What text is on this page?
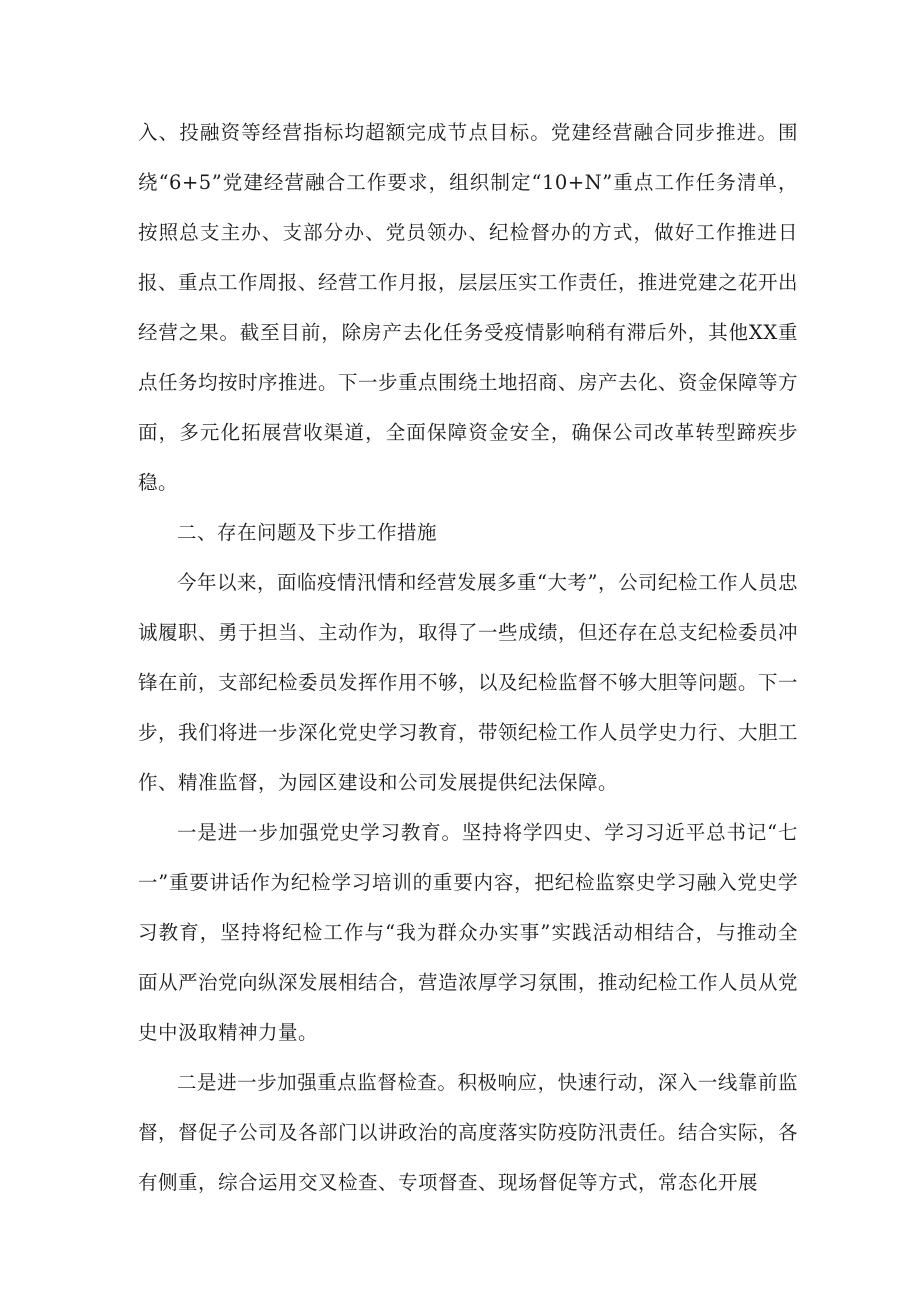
入、投融资等经营指标均超额完成节点目标。党建经营融合同步推进。围绕“6+5”党建经营融合工作要求，组织制定“10+N”重点工作任务清单，按照总支主办、支部分办、党员领办、纪检督办的方式，做好工作推进日报、重点工作周报、经营工作月报，层层压实工作责任，推进党建之花开出经营之果。截至目前，除房产去化任务受疫情影响稍有滞后外，其他XX重点任务均按时序推进。下一步重点围绕土地招商、房产去化、资金保障等方面，多元化拓展营收渠道，全面保障资金安全，确保公司改革转型蹄疾步稳。

二、存在问题及下步工作措施

今年以来，面临疫情汛情和经营发展多重“大考”，公司纪检工作人员忠诚履职、勇于担当、主动作为，取得了一些成绩，但还存在总支纪检委员冲锋在前，支部纪检委员发挥作用不够，以及纪检监督不够大胆等问题。下一步，我们将进一步深化党史学习教育，带领纪检工作人员学史力行、大胆工作、精准监督，为园区建设和公司发展提供纪法保障。

一是进一步加强党史学习教育。坚持将学四史、学习习近平总书记“七一”重要讲话作为纪检学习培训的重要内容，把纪检监察史学习融入党史学习教育，坚持将纪检工作与“我为群众办实事”实践活动相结合，与推动全面从严治党向纵深发展相结合，营造浓厚学习氛围，推动纪检工作人员从党史中汲取精神力量。

二是进一步加强重点监督检查。积极响应，快速行动，深入一线靠前监督，督促子公司及各部门以讲政治的高度落实防疫防汛责任。结合实际，各有侧重，综合运用交叉检查、专项督查、现场督促等方式，常态化开展
